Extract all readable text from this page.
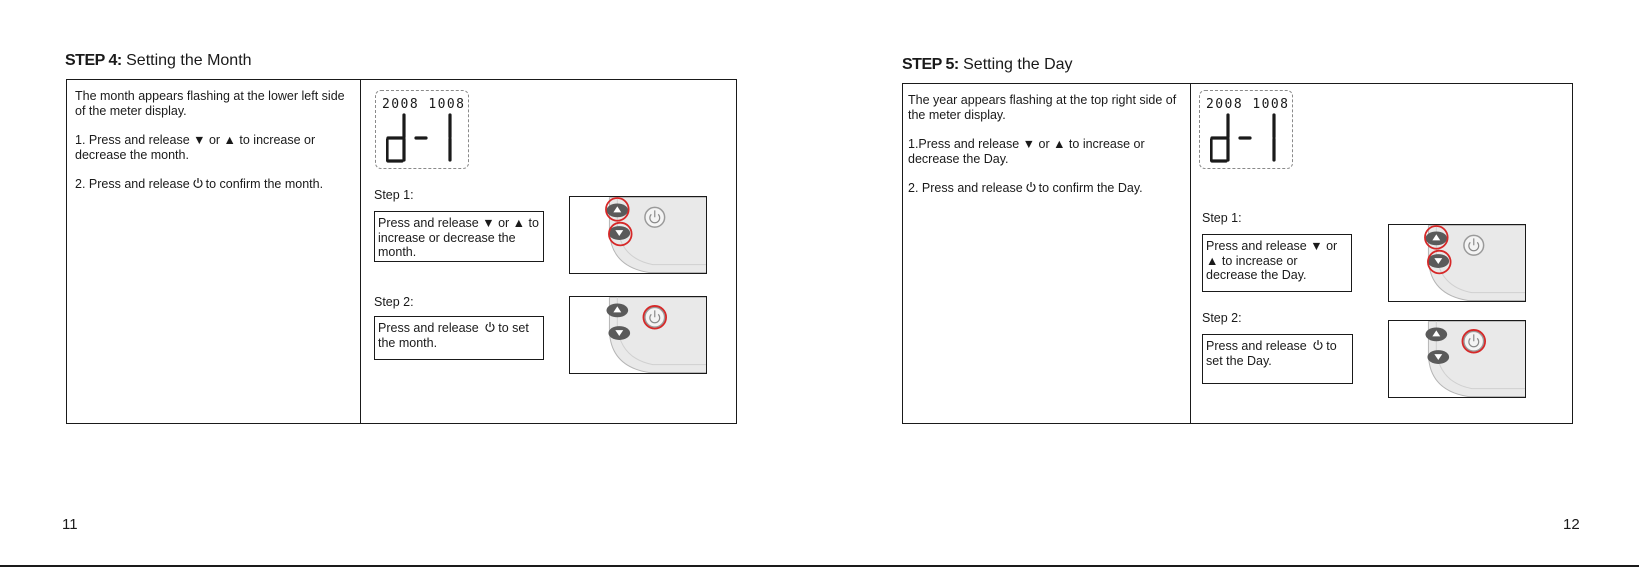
STEP 4: Setting the Month

The month appears flashing at the lower left side of the meter display.

1. Press and release ▼ or ▲ to increase or decrease the month.

2. Press and release to confirm the month.

2008 1008
Step 1:
Press and release ▼ or ▲ to increase or decrease the month.
Step 2:
Press and release to set the month.
11
STEP 5: Setting the Day

The year appears flashing at the top right side of the meter display.

1.Press and release ▼ or ▲ to increase or decrease the Day.

2. Press and release to confirm the Day.

2008 1008
Step 1:
Press and release ▼ or ▲ to increase or decrease the Day.
Step 2:
Press and release to set the Day.
12
